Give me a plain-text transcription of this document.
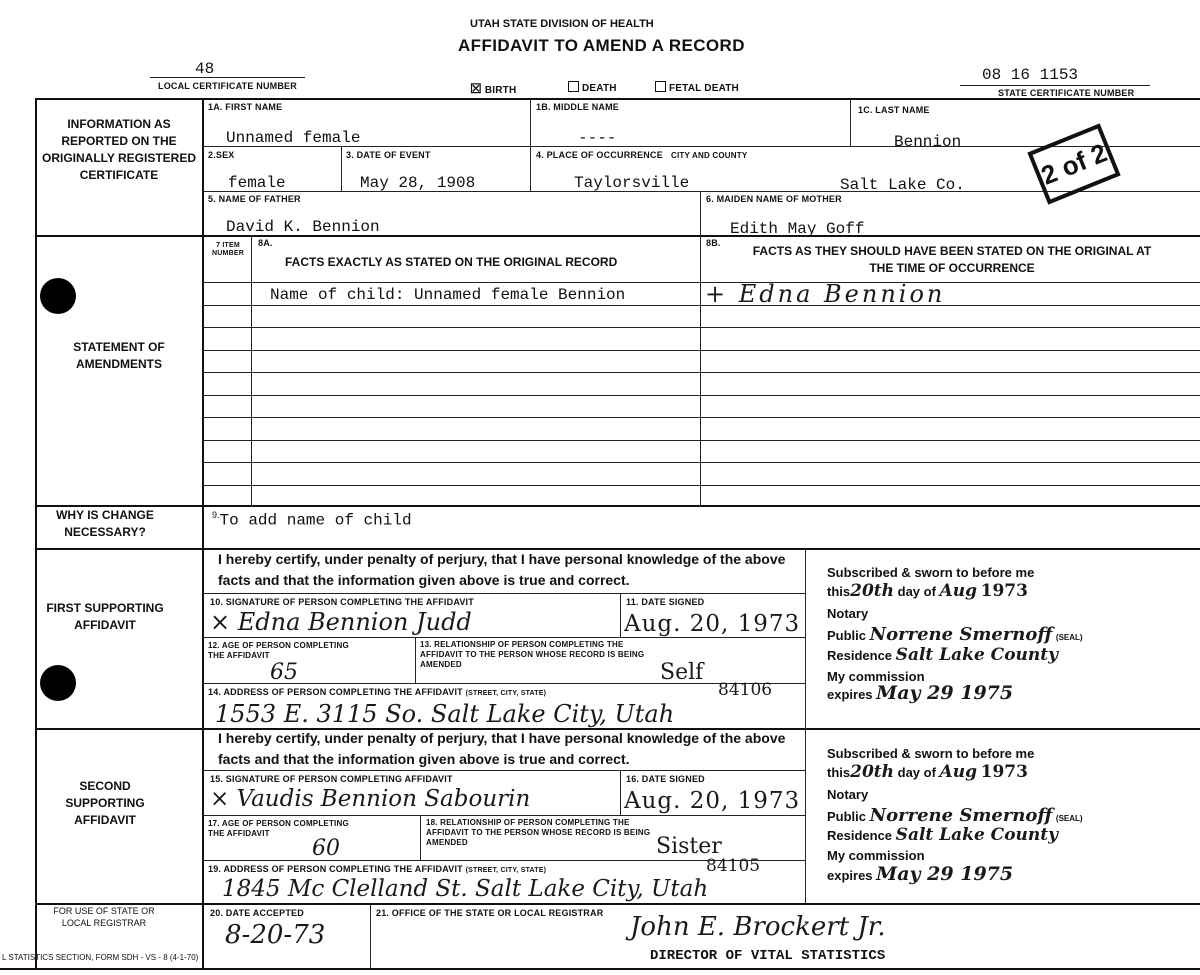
UTAH STATE DIVISION OF HEALTH
AFFIDAVIT TO AMEND A RECORD
48
LOCAL CERTIFICATE NUMBER	☒ BIRTH	DEATH	FETAL DEATH
08 16 1153
STATE CERTIFICATE NUMBER
INFORMATION AS REPORTED ON THE ORIGINALLY REGISTERED CERTIFICATE
STATEMENT OF AMENDMENTS
WHY IS CHANGE NECESSARY?
FIRST SUPPORTING AFFIDAVIT
SECOND SUPPORTING AFFIDAVIT
FOR USE OF STATE OR LOCAL REGISTRAR
1A. FIRST NAME
Unnamed female
1B. MIDDLE NAME
----
1C. LAST NAME
Bennion
2.SEX
female
3. DATE OF EVENT
May 28, 1908
4. PLACE OF OCCURRENCE CITY AND COUNTY
Taylorsville	Salt Lake Co.
5. NAME OF FATHER
David K. Bennion
6. MAIDEN NAME OF MOTHER
Edith May Goff
2 of 2
7 ITEM NUMBER
8A.
FACTS EXACTLY AS STATED ON THE ORIGINAL RECORD
8B.
FACTS AS THEY SHOULD HAVE BEEN STATED ON THE ORIGINAL AT THE TIME OF OCCURRENCE
Name of child: Unnamed female Bennion	+ Edna Bennion
$^{9.}$To add name of child
I hereby certify, under penalty of perjury, that I have personal knowledge of the above facts and that the information given above is true and correct.
10. SIGNATURE OF PERSON COMPLETING THE AFFIDAVIT
× Edna Bennion Judd
11. DATE SIGNED
Aug. 20, 1973
12. AGE OF PERSON COMPLETING THE AFFIDAVIT
65
13. RELATIONSHIP OF PERSON COMPLETING THE AFFIDAVIT TO THE PERSON WHOSE RECORD IS BEING AMENDED	Self
14. ADDRESS OF PERSON COMPLETING THE AFFIDAVIT (STREET, CITY, STATE)	84106
1553 E. 3115 So. Salt Lake City, Utah
Subscribed & sworn to before me
this20th day of Aug 1973
Notary
Public Norrene Smernoff (SEAL)
Residence Salt Lake County
My commission
expires May 29 1975
I hereby certify, under penalty of perjury, that I have personal knowledge of the above facts and that the information given above is true and correct.
15. SIGNATURE OF PERSON COMPLETING AFFIDAVIT
× Vaudis Bennion Sabourin
16. DATE SIGNED
Aug. 20, 1973
17. AGE OF PERSON COMPLETING THE AFFIDAVIT
60
18. RELATIONSHIP OF PERSON COMPLETING THE AFFIDAVIT TO THE PERSON WHOSE RECORD IS BEING AMENDED	Sister
19. ADDRESS OF PERSON COMPLETING THE AFFIDAVIT (STREET, CITY, STATE)	84105
1845 Mc Clelland St. Salt Lake City, Utah
Subscribed & sworn to before me
this20th day of Aug 1973
Notary
Public Norrene Smernoff (SEAL)
Residence Salt Lake County
My commission
expires May 29 1975
20. DATE ACCEPTED
8-20-73
21. OFFICE OF THE STATE OR LOCAL REGISTRAR John E. Brockert Jr.
DIRECTOR OF VITAL STATISTICS
L STATISTICS SECTION, FORM SDH - VS - 8 (4-1-70)
